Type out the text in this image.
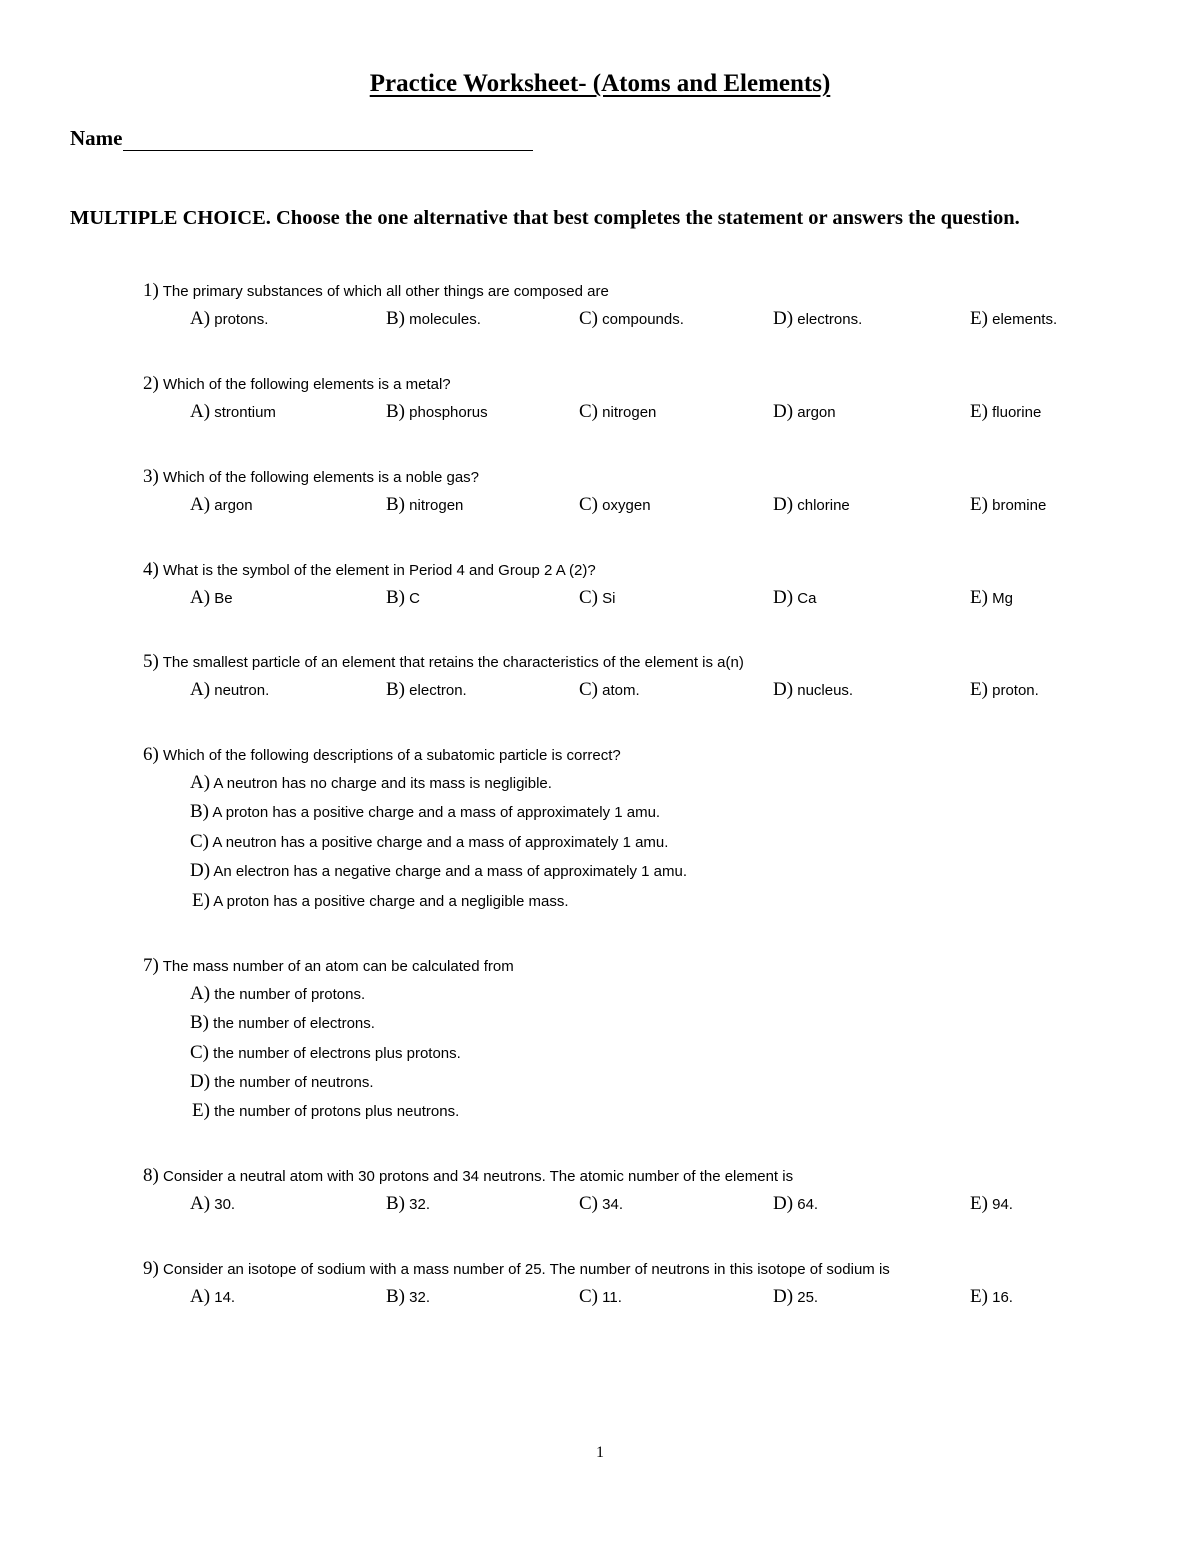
Practice Worksheet- (Atoms and Elements)
Name
MULTIPLE CHOICE. Choose the one alternative that best completes the statement or answers the question.
1) The primary substances of which all other things are composed are
A) protons.	B) molecules.	C) compounds.	D) electrons.	E) elements.
2) Which of the following elements is a metal?
A) strontium	B) phosphorus	C) nitrogen	D) argon	E) fluorine
3) Which of the following elements is a noble gas?
A) argon	B) nitrogen	C) oxygen	D) chlorine	E) bromine
4) What is the symbol of the element in Period 4 and Group 2 A (2)?
A) Be	B) C	C) Si	D) Ca	E) Mg
5) The smallest particle of an element that retains the characteristics of the element is a(n)
A) neutron.	B) electron.	C) atom.	D) nucleus.	E) proton.
6) Which of the following descriptions of a subatomic particle is correct?
A) A neutron has no charge and its mass is negligible.
B) A proton has a positive charge and a mass of approximately 1 amu.
C) A neutron has a positive charge and a mass of approximately 1 amu.
D) An electron has a negative charge and a mass of approximately 1 amu.
E) A proton has a positive charge and a negligible mass.
7) The mass number of an atom can be calculated from
A) the number of protons.
B) the number of electrons.
C) the number of electrons plus protons.
D) the number of neutrons.
E) the number of protons plus neutrons.
8) Consider a neutral atom with 30 protons and 34 neutrons. The atomic number of the element is
A) 30.	B) 32.	C) 34.	D) 64.	E) 94.
9) Consider an isotope of sodium with a mass number of 25. The number of neutrons in this isotope of sodium is
A) 14.	B) 32.	C) 11.	D) 25.	E) 16.
1
